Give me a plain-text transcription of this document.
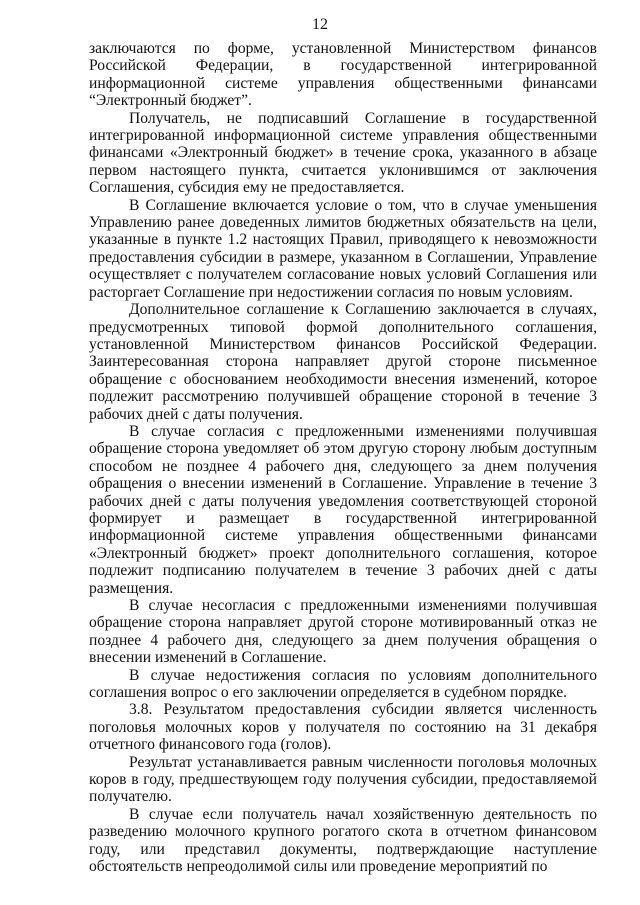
12

заключаются по форме, установленной Министерством финансов Российской Федерации, в государственной интегрированной информационной системе управления общественными финансами “Электронный бюджет”.

Получатель, не подписавший Соглашение в государственной интегрированной информационной системе управления общественными финансами «Электронный бюджет» в течение срока, указанного в абзаце первом настоящего пункта, считается уклонившимся от заключения Соглашения, субсидия ему не предоставляется.

В Соглашение включается условие о том, что в случае уменьшения Управлению ранее доведенных лимитов бюджетных обязательств на цели, указанные в пункте 1.2 настоящих Правил, приводящего к невозможности предоставления субсидии в размере, указанном в Соглашении, Управление осуществляет с получателем согласование новых условий Соглашения или расторгает Соглашение при недостижении согласия по новым условиям.

Дополнительное соглашение к Соглашению заключается в случаях, предусмотренных типовой формой дополнительного соглашения, установленной Министерством финансов Российской Федерации. Заинтересованная сторона направляет другой стороне письменное обращение с обоснованием необходимости внесения изменений, которое подлежит рассмотрению получившей обращение стороной в течение 3 рабочих дней с даты получения.

В случае согласия с предложенными изменениями получившая обращение сторона уведомляет об этом другую сторону любым доступным способом не позднее 4 рабочего дня, следующего за днем получения обращения о внесении изменений в Соглашение. Управление в течение 3 рабочих дней с даты получения уведомления соответствующей стороной формирует и размещает в государственной интегрированной информационной системе управления общественными финансами «Электронный бюджет» проект дополнительного соглашения, которое подлежит подписанию получателем в течение 3 рабочих дней с даты размещения.

В случае несогласия с предложенными изменениями получившая обращение сторона направляет другой стороне мотивированный отказ не позднее 4 рабочего дня, следующего за днем получения обращения о внесении изменений в Соглашение.

В случае недостижения согласия по условиям дополнительного соглашения вопрос о его заключении определяется в судебном порядке.

3.8. Результатом предоставления субсидии является численность поголовья молочных коров у получателя по состоянию на 31 декабря отчетного финансового года (голов).

Результат устанавливается равным численности поголовья молочных коров в году, предшествующем году получения субсидии, предоставляемой получателю.

В случае если получатель начал хозяйственную деятельность по разведению молочного крупного рогатого скота в отчетном финансовом году, или представил документы, подтверждающие наступление обстоятельств непреодолимой силы или проведение мероприятий по
